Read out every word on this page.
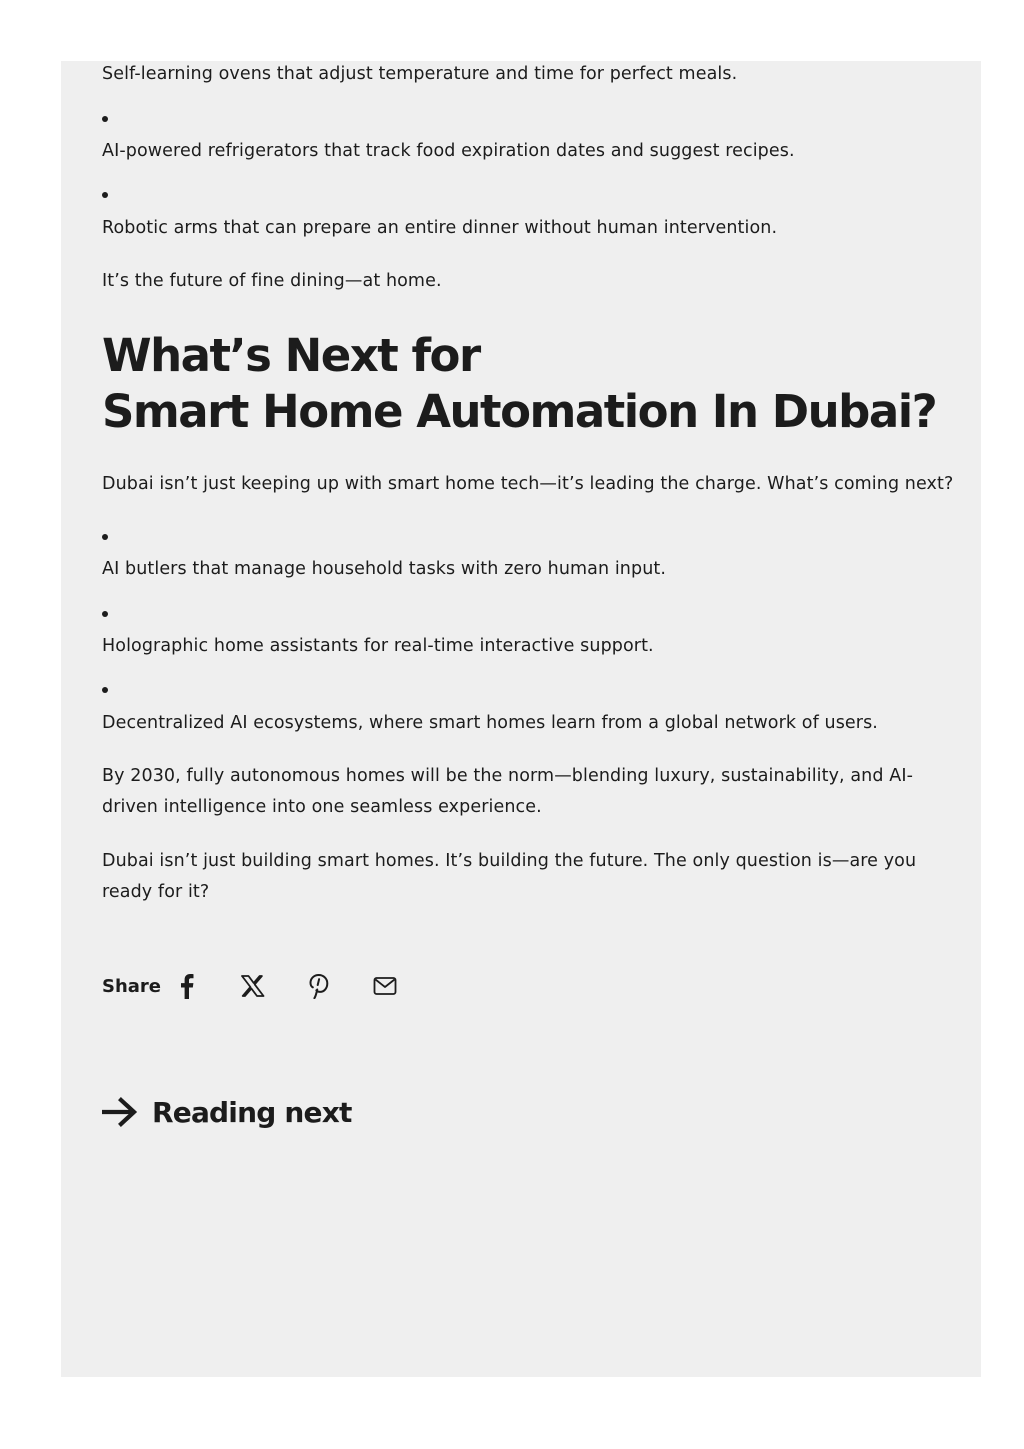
Self-learning ovens that adjust temperature and time for perfect meals.

AI-powered refrigerators that track food expiration dates and suggest recipes.

Robotic arms that can prepare an entire dinner without human intervention.

It’s the future of fine dining—at home.

What’s Next for
Smart Home Automation In Dubai?

Dubai isn’t just keeping up with smart home tech—it’s leading the charge. What’s coming next?

AI butlers that manage household tasks with zero human input.

Holographic home assistants for real-time interactive support.

Decentralized AI ecosystems, where smart homes learn from a global network of users.

By 2030, fully autonomous homes will be the norm—blending luxury, sustainability, and AI-driven intelligence into one seamless experience.

Dubai isn’t just building smart homes. It’s building the future. The only question is—are you ready for it?

Share
Reading next
